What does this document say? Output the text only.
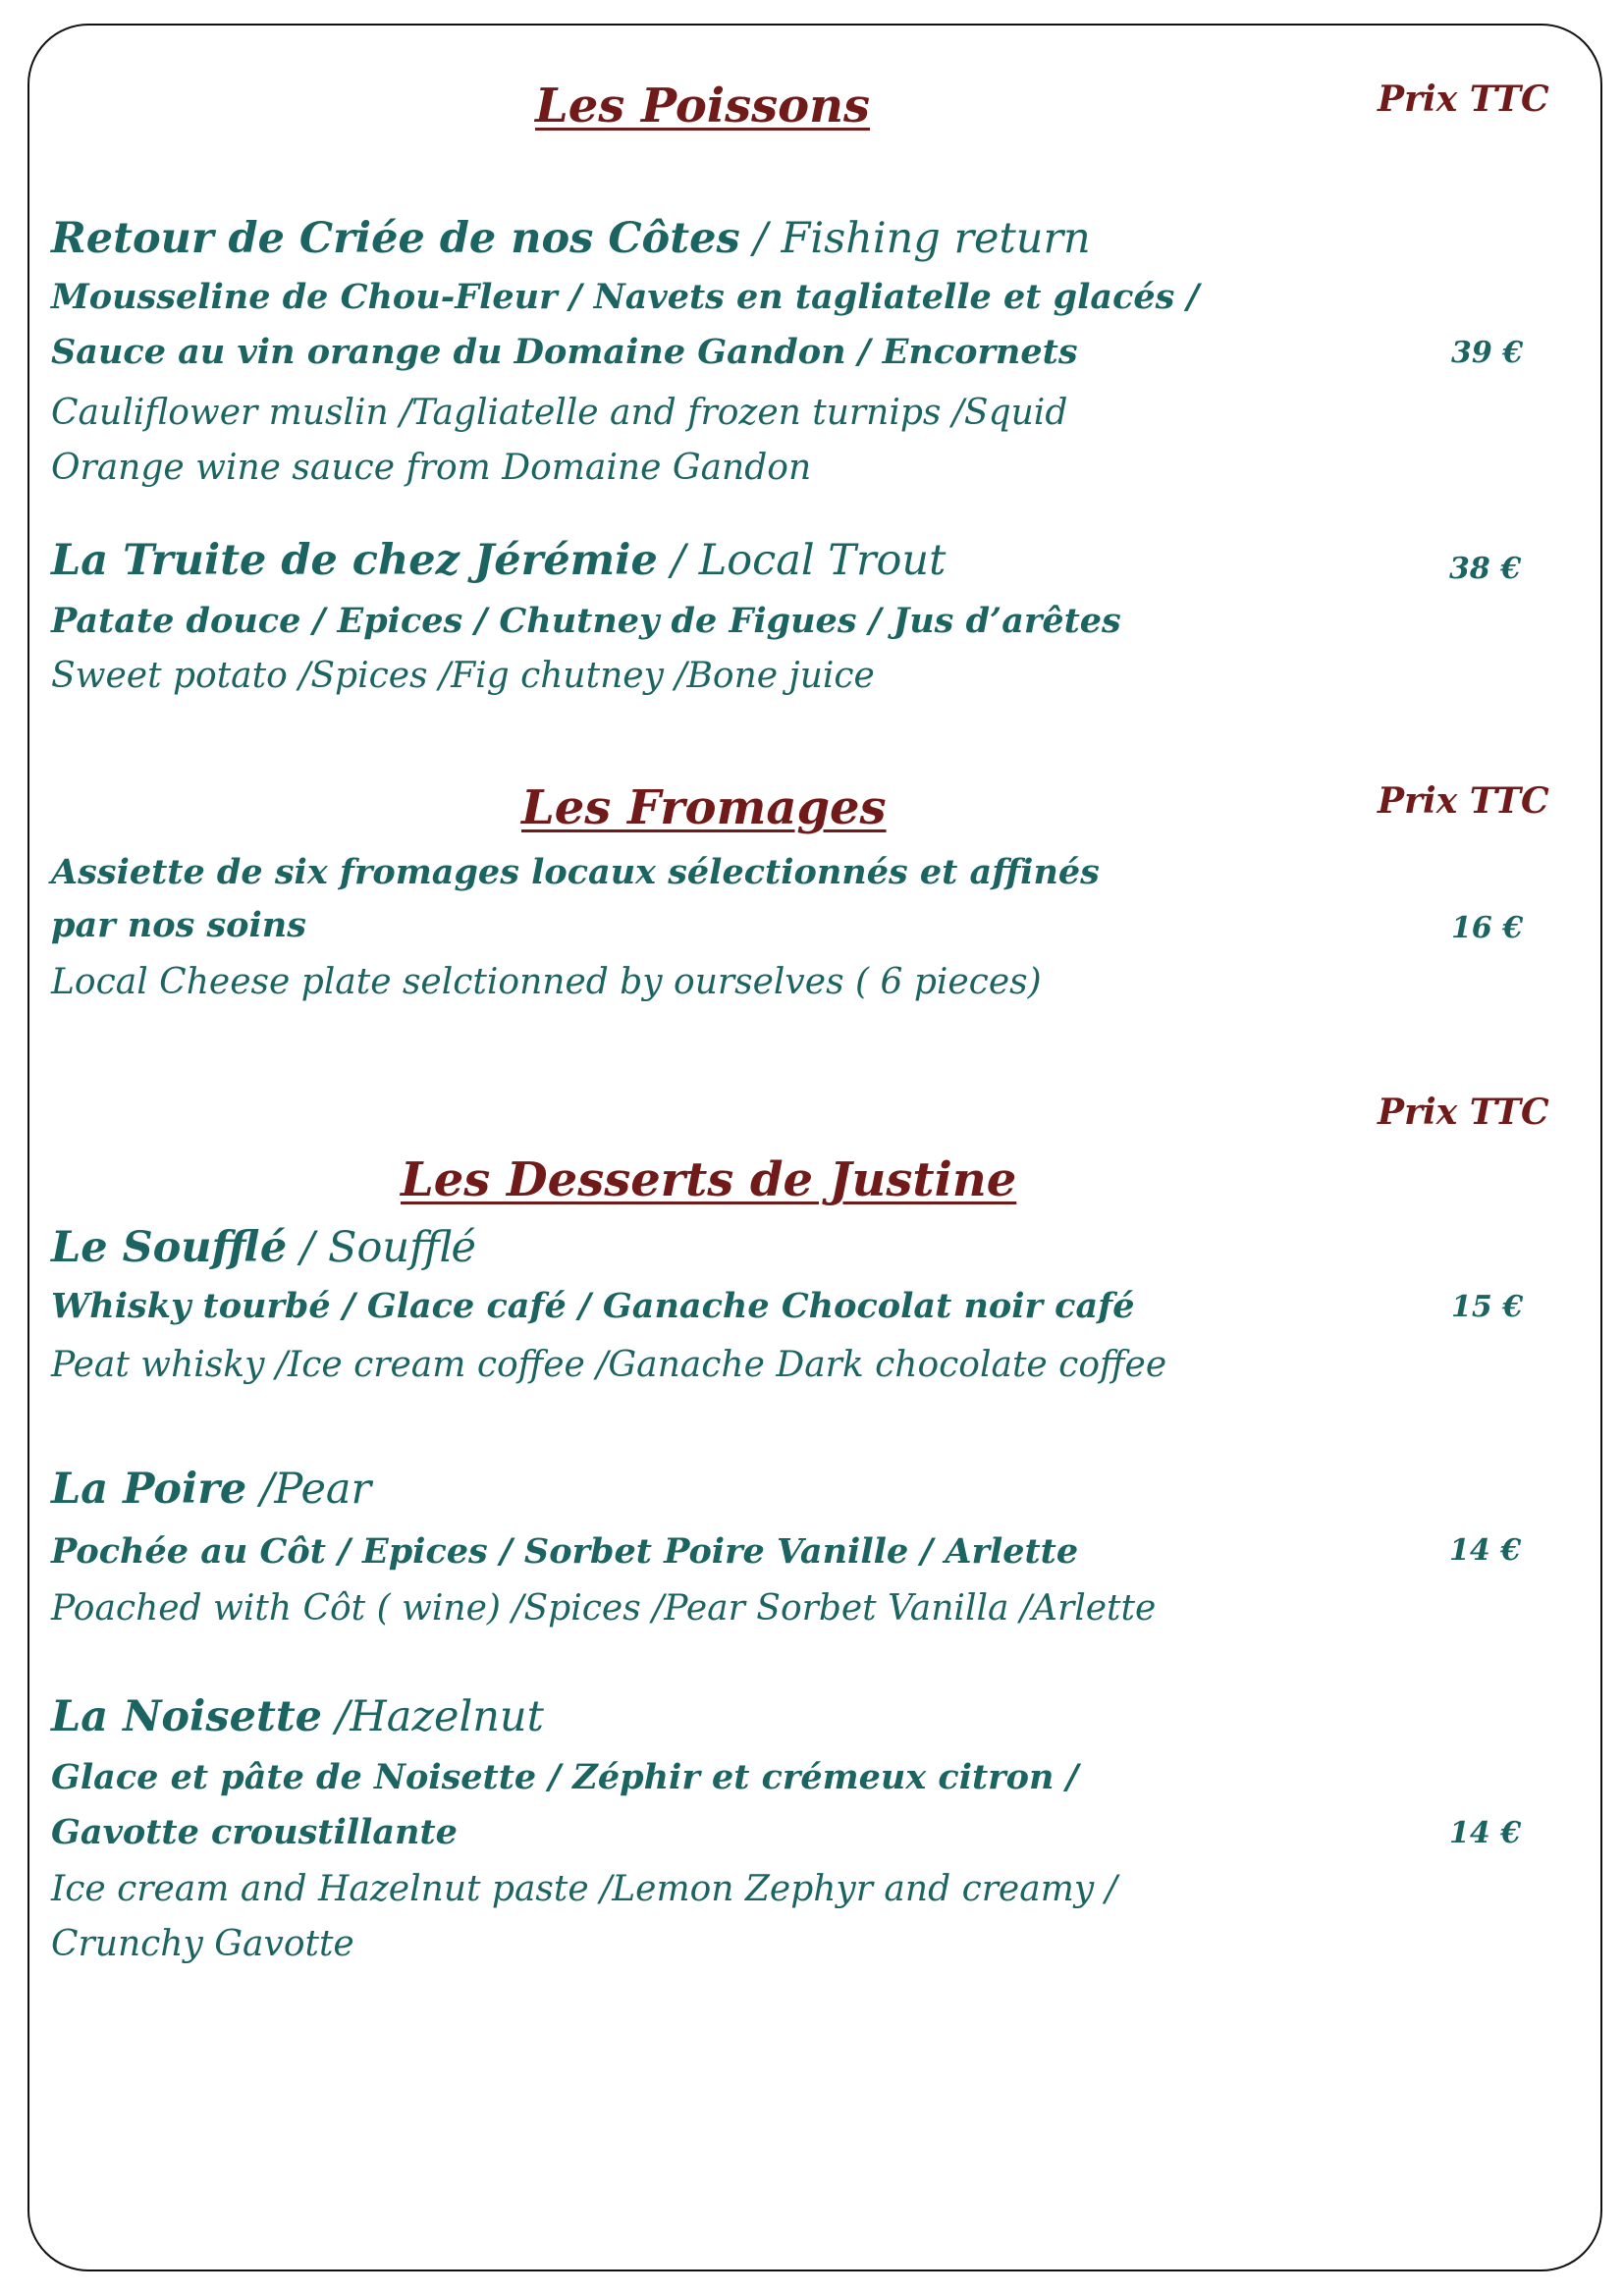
Les Poissons	Prix TTC
Retour de Criée de nos Côtes / Fishing return
Mousseline de Chou-Fleur / Navets en tagliatelle et glacés /
Sauce au vin orange du Domaine Gandon / Encornets	39 €
Cauliflower muslin /Tagliatelle and frozen turnips /Squid
Orange wine sauce from Domaine Gandon
La Truite de chez Jérémie / Local Trout	38 €
Patate douce / Epices / Chutney de Figues / Jus d’arêtes
Sweet potato /Spices /Fig chutney /Bone juice
Les Fromages	Prix TTC
Assiette de six fromages locaux sélectionnés et affinés
par nos soins	16 €
Local Cheese plate selctionned by ourselves ( 6 pieces)
Prix TTC
Les Desserts de Justine
Le Soufflé / Soufflé
Whisky tourbé / Glace café / Ganache Chocolat noir café	15 €
Peat whisky /Ice cream coffee /Ganache Dark chocolate coffee
La Poire /Pear
Pochée au Côt / Epices / Sorbet Poire Vanille / Arlette	14 €
Poached with Côt ( wine) /Spices /Pear Sorbet Vanilla /Arlette
La Noisette /Hazelnut
Glace et pâte de Noisette / Zéphir et crémeux citron /
Gavotte croustillante	14 €
Ice cream and Hazelnut paste /Lemon Zephyr and creamy /
Crunchy Gavotte
